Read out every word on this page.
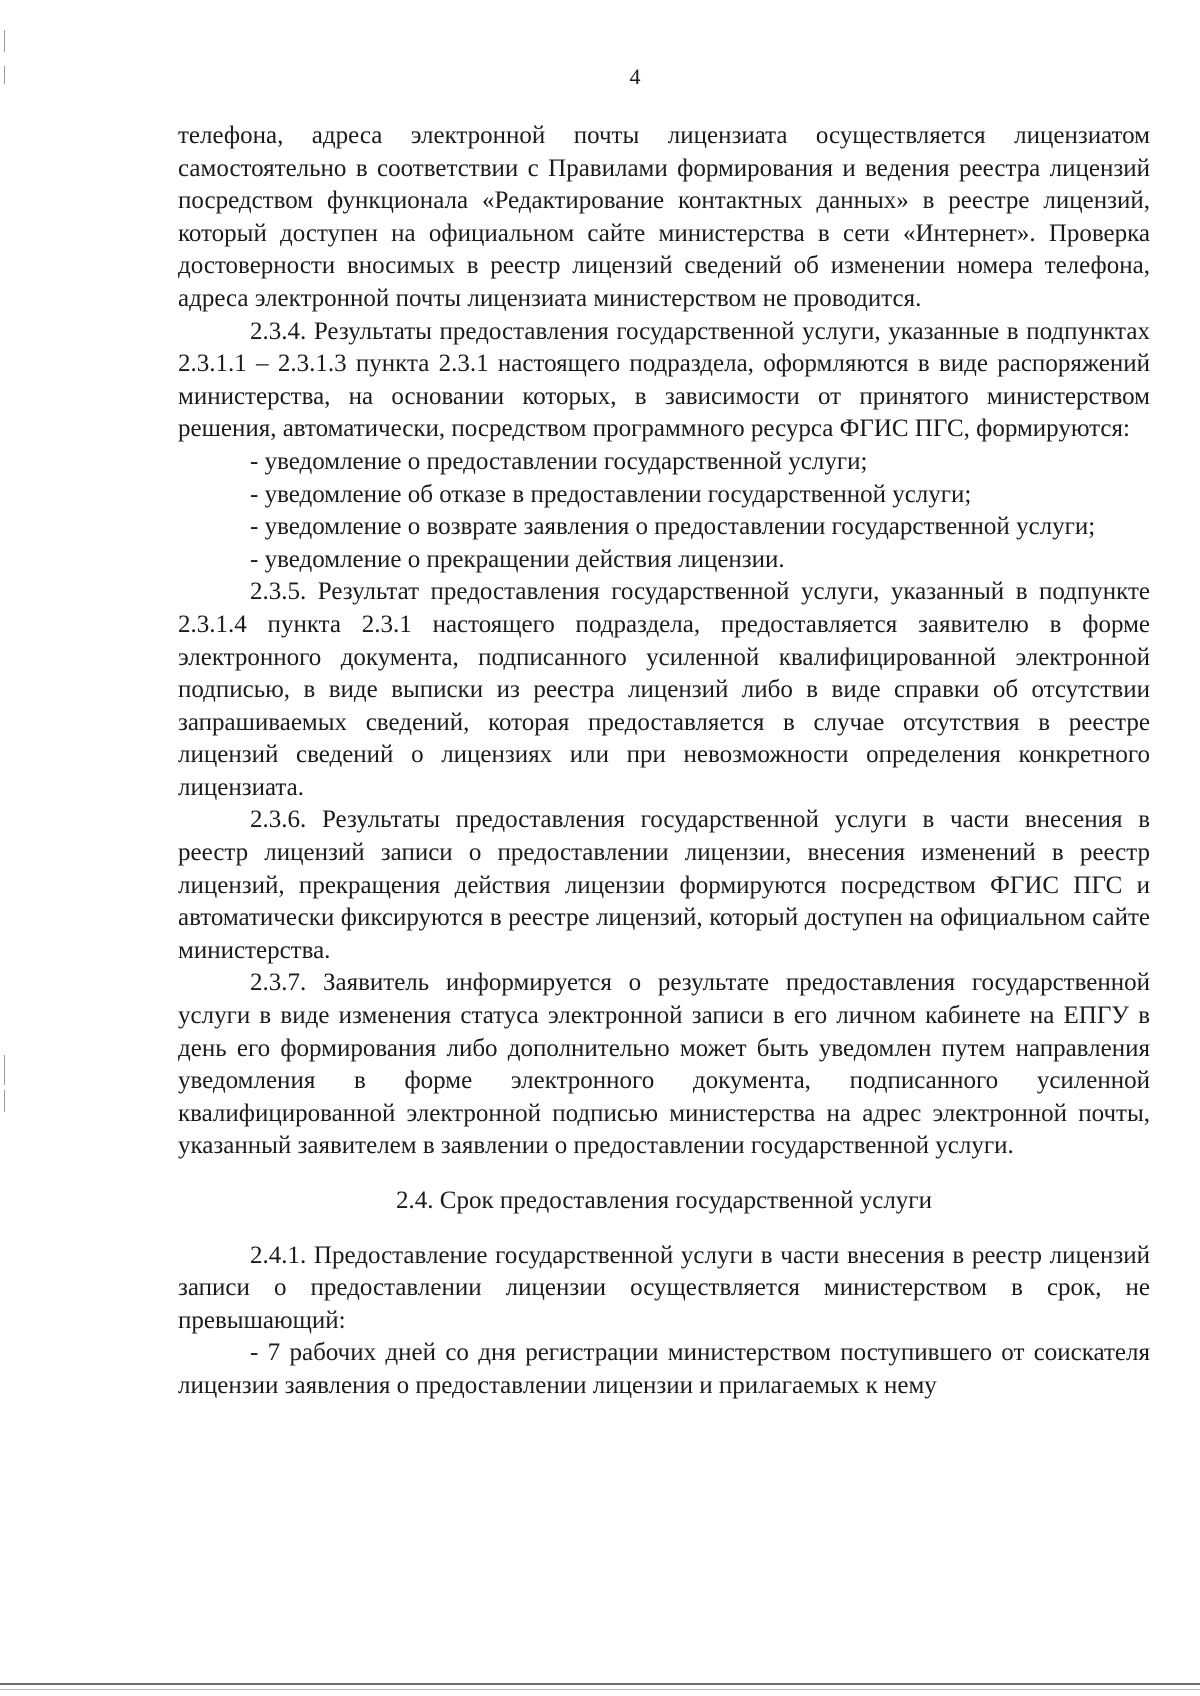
4

телефона, адреса электронной почты лицензиата осуществляется лицензиатом самостоятельно в соответствии с Правилами формирования и ведения реестра лицензий посредством функционала «Редактирование контактных данных» в реестре лицензий, который доступен на официальном сайте министерства в сети «Интернет». Проверка достоверности вносимых в реестр лицензий сведений об изменении номера телефона, адреса электронной почты лицензиата министерством не проводится.

2.3.4. Результаты предоставления государственной услуги, указанные в подпунктах 2.3.1.1 – 2.3.1.3 пункта 2.3.1 настоящего подраздела, оформляются в виде распоряжений министерства, на основании которых, в зависимости от принятого министерством решения, автоматически, посредством программного ресурса ФГИС ПГС, формируются:

- уведомление о предоставлении государственной услуги;

- уведомление об отказе в предоставлении государственной услуги;

- уведомление о возврате заявления о предоставлении государственной услуги;

- уведомление о прекращении действия лицензии.

2.3.5. Результат предоставления государственной услуги, указанный в подпункте 2.3.1.4 пункта 2.3.1 настоящего подраздела, предоставляется заявителю в форме электронного документа, подписанного усиленной квалифицированной электронной подписью, в виде выписки из реестра лицензий либо в виде справки об отсутствии запрашиваемых сведений, которая предоставляется в случае отсутствия в реестре лицензий сведений о лицензиях или при невозможности определения конкретного лицензиата.

2.3.6. Результаты предоставления государственной услуги в части внесения в реестр лицензий записи о предоставлении лицензии, внесения изменений в реестр лицензий, прекращения действия лицензии формируются посредством ФГИС ПГС и автоматически фиксируются в реестре лицензий, который доступен на официальном сайте министерства.

2.3.7. Заявитель информируется о результате предоставления государственной услуги в виде изменения статуса электронной записи в его личном кабинете на ЕПГУ в день его формирования либо дополнительно может быть уведомлен путем направления уведомления в форме электронного документа, подписанного усиленной квалифицированной электронной подписью министерства на адрес электронной почты, указанный заявителем в заявлении о предоставлении государственной услуги.

2.4. Срок предоставления государственной услуги

2.4.1. Предоставление государственной услуги в части внесения в реестр лицензий записи о предоставлении лицензии осуществляется министерством в срок, не превышающий:

- 7 рабочих дней со дня регистрации министерством поступившего от соискателя лицензии заявления о предоставлении лицензии и прилагаемых к нему
